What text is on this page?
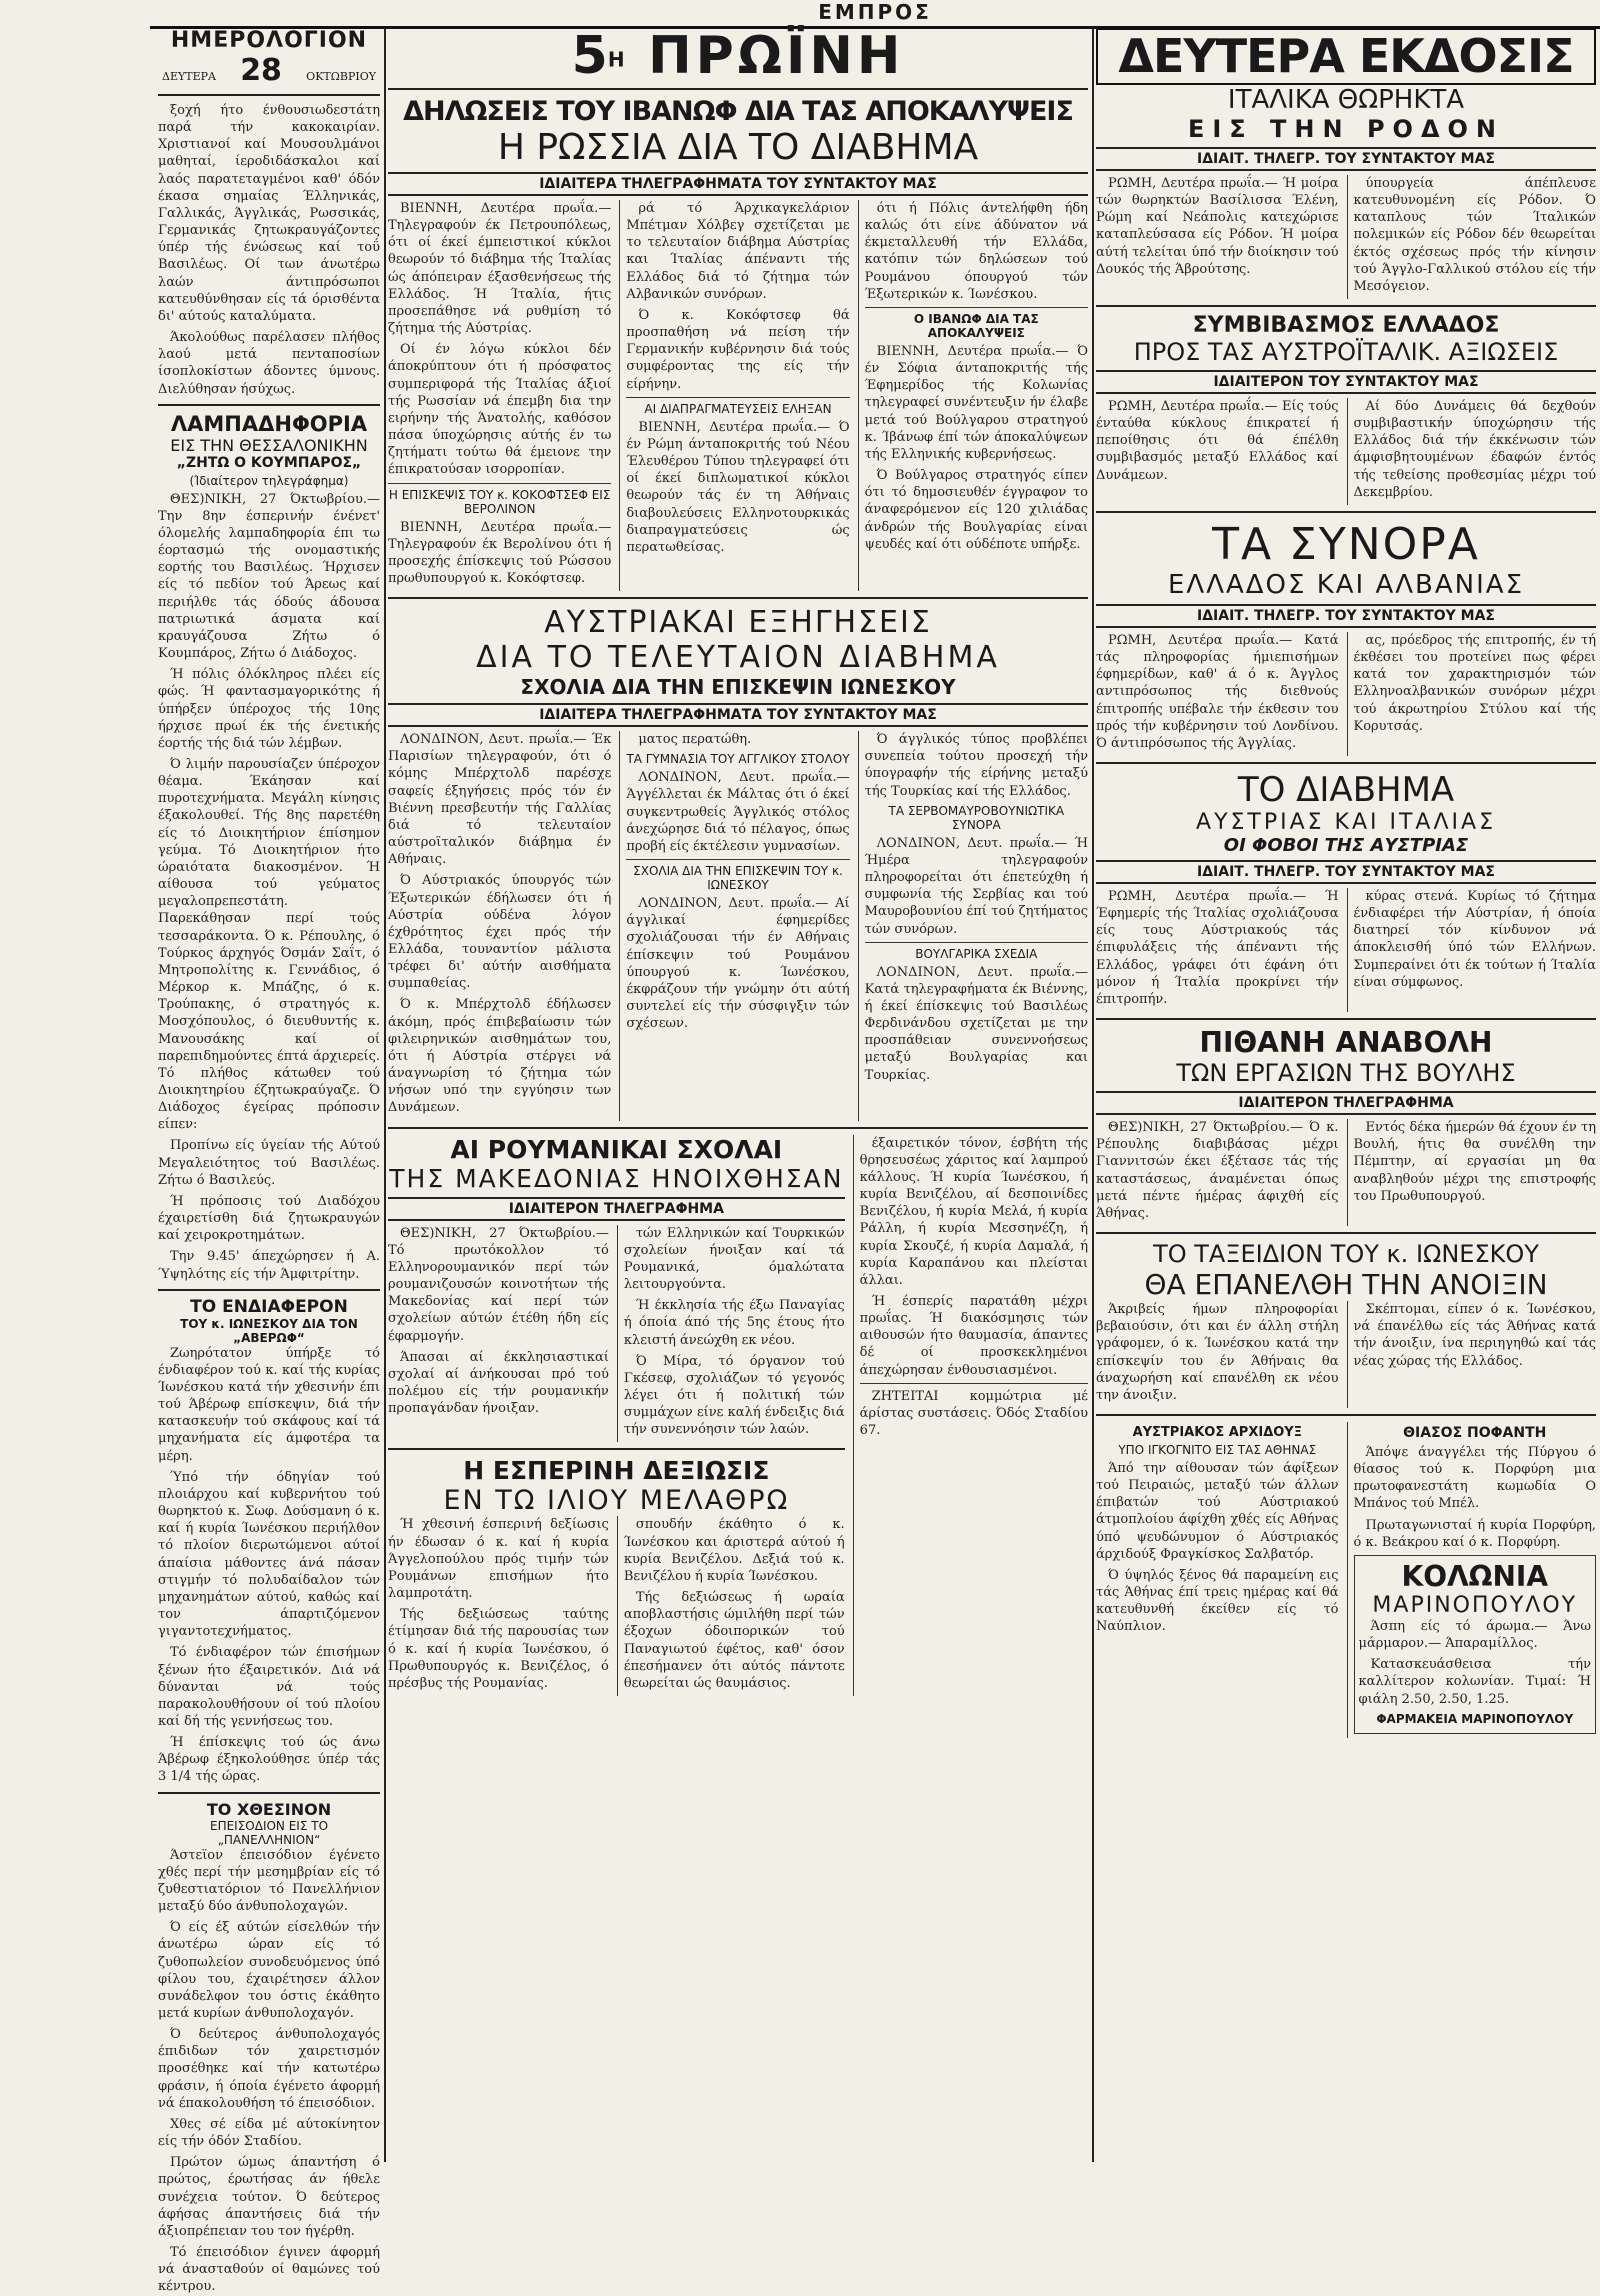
ΕΜΠΡΟΣ
ΗΜΕΡΟΛΟΓΙΟΝ
ΔΕΥΤΕΡΑ 28 ΟΚΤΩΒΡΙΟΥ

ξοχή ήτο ένθουσιωδεστάτη παρά τήν κακοκαιρίαν. Χριστιανοί καί Μουσουλμάνοι μαθηταί, ίεροδιδάσκαλοι καί λαός παρατεταγμένοι καθ' όδόν έκασα σημαίας Έλληνικάς, Γαλλικάς, Άγγλικάς, Ρωσσικάς, Γερμανικάς ζητωκραυγάζοντες ύπέρ τής ένώσεως καί τοΰ Βασιλέως. Οί των άνωτέρω λαών άντιπρόσωποι κατευθύνθησαν είς τά όρισθέντα δι' αύτούς καταλύματα.

Άκολούθως παρέλασεν πλήθος λαού μετά πενταποσίων ίσοπλοκίστων άδοντες ύμνους. Διελύθησαν ήσύχως.

ΛΑΜΠΑΔΗΦΟΡΙΑ
ΕΙΣ ΤΗΝ ΘΕΣΣΑΛΟΝΙΚΗΝ
„ΖΗΤΩ Ο ΚΟΥΜΠΑΡΟΣ„
(Ίδιαίτερον τηλεγράφημα)

ΘΕΣ)ΝΙΚΗ, 27 Όκτωβρίου.— Την 8ην έσπερινήν ένένετ' όλομελής λαμπαδηφορία έπι τω έορτασμώ τής ονομαστικής εορτής του Βασιλέως. Ήρχισεν είς τό πεδίον τού Άρεως καί περιήλθε τάς όδούς άδουσα πατριωτικά άσματα καί κραυγάζουσα Ζήτω ό Κουμπάρος, Ζήτω ό Διάδοχος.

Ή πόλις όλόκληρος πλέει είς φώς. Ή φαντασμαγορικότης ή ύπήρξεν ύπέροχος τής 10ης ήρχισε πρωί έκ τής ένετικής έορτής τής διά τών λέμβων.

Ό λιμήν παρουσίαζεν ύπέροχον θέαμα. Έκάησαν καί πυροτεχνήματα. Μεγάλη κίνησις έξακολουθεί. Τής 8ης παρετέθη είς τό Διοικητήριον έπίσημον γεύμα. Τό Διοικητήριον ήτο ώραιότατα διακοσμένον. Ή αίθουσα τού γεύματος μεγαλοπρεπεστάτη. Παρεκάθησαν περί τούς τεσσαράκοντα. Ό κ. Ρέπουλης, ό Τούρκος άρχηγός Όσμάν Σαΐτ, ό Μητροπολίτης κ. Γεννάδιος, ό Μέρκορ κ. Μπάζης, ό κ. Τρούπακης, ό στρατηγός κ. Μοσχόπουλος, ό διευθυντής κ. Μανουσάκης καί οί παρεπιδημούντες έπτά άρχιερείς. Τό πλήθος κάτωθεν τού Διοικητηρίου έζητωκραύγαζε. Ό Διάδοχος έγείρας πρόποσιν είπεν:

Προπίνω είς ύγείαν τής Αύτού Μεγαλειότητος τού Βασιλέως. Ζήτω ό Βασιλεύς.

Ή πρόποσις τού Διαδόχου έχαιρετίσθη διά ζητωκραυγών καί χειροκροτημάτων.

Την 9.45' άπεχώρησεν ή Α. Ύψηλότης είς τήν Άμφιτρίτην.

ΤΟ ΕΝΔΙΑΦΕΡΟΝ
ΤΟΥ κ. ΙΩΝΕΣΚΟΥ ΔΙΑ ΤΟΝ „ΑΒΕΡΩΦ“

Ζωηρότατον ύπήρξε τό ένδιαφέρον τού κ. καί τής κυρίας Ίωνέσκου κατά τήν χθεσινήν έπι τού Άβέρωφ επίσκεψιν, διά τήν κατασκευήν τού σκάφους καί τά μηχανήματα είς άμφοτέρα τα μέρη.

Ύπό τήν όδηγίαν τού πλοιάρχου καί κυβερνήτου τού θωρηκτού κ. Σωφ. Δούσμανη ό κ. καί ή κυρία Ίωνέσκου περιήλθον τό πλοίον διερωτώμενοι αύτοί άπαίσια μάθοντες άνά πάσαν στιγμήν τό πολυδαίδαλον τών μηχανημάτων αύτού, καθώς καί τον άπαρτιζόμενον γιγαντοτεχνήματος.

Τό ένδιαφέρον τών έπισήμων ξένων ήτο έξαιρετικόν. Διά νά δύνανται νά τούς παρακολουθήσουν οί τού πλοίου καί δή τής γεννήσεως του.

Ή έπίσκεψις τού ώς άνω Άβέρωφ έξηκολούθησε ύπέρ τάς 3 1/4 τής ώρας.

ΤΟ ΧΘΕΣΙΝΟΝ
ΕΠΕΙΣΟΔΙΟΝ ΕΙΣ ΤΟ „ΠΑΝΕΛΛΗΝΙΟΝ“

Άστεϊον έπεισόδιον έγένετο χθές περί τήν μεσημβρίαν είς τό ζυθεστιατόριον τό Πανελλήνιον μεταξύ δύο άνθυπολοχαγών.

Ό είς έξ αύτών είσελθών τήν άνωτέρω ώραν είς τό ζυθοπωλείον συνοδευόμενος ύπό φίλου του, έχαιρέτησεν άλλον συνάδελφον του όστις έκάθητο μετά κυρίων άνθυπολοχαγόν.

Ό δεύτερος άνθυπολοχαγός έπιδιδων τόν χαιρετισμόν προσέθηκε καί τήν κατωτέρω φράσιν, ή όποία έγένετο άφορμή νά έπακολουθήση τό έπεισόδιον.

Χθες σέ είδα μέ αύτοκίνητον είς τήν όδόν Σταδίου.

Πρώτον ώμως άπαντήση ό πρώτος, έρωτήσας άν ήθελε συνέχεια τούτον. Ό δεύτερος άφήσας άπαντήσεις διά τήν άξιοπρέπειαν του τον ήγέρθη.

Τό έπεισόδιον έγινεν άφορμή νά άνασταθούν οί θαμώνες τού κέντρου.

$5^H$ ΠΡΩΪΝΗ
ΔΗΛΩΣΕΙΣ ΤΟΥ ΙΒΑΝΩΦ ΔΙΑ ΤΑΣ ΑΠΟΚΑΛΥΨΕΙΣ
Η ΡΩΣΣΙΑ ΔΙΑ ΤΟ ΔΙΑΒΗΜΑ
ΙΔΙΑΙΤΕΡΑ ΤΗΛΕΓΡΑΦΗΜΑΤΑ ΤΟΥ ΣΥΝΤΑΚΤΟΥ ΜΑΣ

ΒΙΕΝΝΗ, Δευτέρα πρωΐα.— Τηλεγραφούν έκ Πετρουπόλεως, ότι οί έκεί έμπειστικοί κύκλοι θεωρούν τό διάβημα τής Ίταλίας ώς άπόπειραν έξασθενήσεως τής Ελλάδος. Ή Ίταλία, ήτις προσεπάθησε νά ρυθμίση τό ζήτημα τής Αύστρίας.

Οί έν λόγω κύκλοι δέν άποκρύπτουν ότι ή πρόσφατος συμπεριφορά τής Ίταλίας άξιοί τής Ρωσσίαν νά έπεμβη δια την ειρήνην τής Άνατολής, καθόσον πάσα ύποχώρησις αύτής έν τω ζητήματι τούτω θά έμειονε την έπικρατούσαν ισορροπίαν.

Η ΕΠΙΣΚΕΨΙΣ ΤΟΥ κ. ΚΟΚΟΦΤΣΕΦ ΕΙΣ ΒΕΡΟΛΙΝΟΝ

ΒΙΕΝΝΗ, Δευτέρα πρωΐα.— Τηλεγραφούν έκ Βερολίνου ότι ή προσεχής έπίσκεψις τού Ρώσσου πρωθυπουργού κ. Κοκόφτσεφ.

ρά τό Άρχικαγκελάριον Μπέτμαν Χόλβεγ σχετίζεται με το τελευταίον διάβημα Αύστρίας και Ίταλίας άπέναντι τής Ελλάδος διά τό ζήτημα τών Αλβανικών συνόρων.

Ό κ. Κοκόφτσεφ θά προσπαθήση νά πείση τήν Γερμανικήν κυβέρνησιν διά τούς συμφέροντας της είς τήν είρήνην.

ΑΙ ΔΙΑΠΡΑΓΜΑΤΕΥΣΕΙΣ ΕΛΗΞΑΝ

ΒΙΕΝΝΗ, Δευτέρα πρωΐα.— Ό έν Ρώμη άνταποκριτής τού Νέου Έλευθέρου Τύπου τηλεγραφεί ότι οί έκεί διπλωματικοί κύκλοι θεωρούν τάς έν τη Άθήναις διαβουλεύσεις Ελληνοτουρκικάς διαπραγματεύσεις ώς περατωθείσας.

ότι ή Πόλις άντελήφθη ήδη καλώς ότι είνε άδύνατον νά έκμεταλλευθή τήν Ελλάδα, κατόπιν τών δηλώσεων τού Ρουμάνου όπουργού τών Έξωτερικών κ. Ίωνέσκου.

Ο ΙΒΑΝΩΦ ΔΙΑ ΤΑΣ ΑΠΟΚΑΛΥΨΕΙΣ

ΒΙΕΝΝΗ, Δευτέρα πρωΐα.— Ό έν Σόφια άνταποκριτής τής Έφημερίδος τής Κολωνίας τηλεγραφεί συνέντευξιν ήν έλαβε μετά τού Βούλγαρου στρατηγού κ. Ίβάνωφ έπί τών άποκαλύψεων τής Ελληνικής κυβερνήσεως.

Ό Βούλγαρος στρατηγός είπεν ότι τό δημοσιευθέν έγγραφον το άναφερόμενον είς 120 χιλιάδας άνδρών τής Βουλγαρίας είναι ψευδές καί ότι ούδέποτε υπήρξε.

ΑΥΣΤΡΙΑΚΑΙ ΕΞΗΓΗΣΕΙΣ
ΔΙΑ ΤΟ ΤΕΛΕΥΤΑΙΟΝ ΔΙΑΒΗΜΑ
ΣΧΟΛΙΑ ΔΙΑ ΤΗΝ ΕΠΙΣΚΕΨΙΝ ΙΩΝΕΣΚΟΥ
ΙΔΙΑΙΤΕΡΑ ΤΗΛΕΓΡΑΦΗΜΑΤΑ ΤΟΥ ΣΥΝΤΑΚΤΟΥ ΜΑΣ

ΛΟΝΔΙΝΟΝ, Δευτ. πρωΐα.— Έκ Παρισίων τηλεγραφούν, ότι ό κόμης Μπέρχτολδ παρέσχε σαφείς έξηγήσεις πρός τόν έν Βιέννη πρεσβευτήν τής Γαλλίας διά τό τελευταίον αύστροϊταλικόν διάβημα έν Αθήναις.

Ό Αύστριακός ύπουργός τών Έξωτερικών έδήλωσεν ότι ή Αύστρία ούδένα λόγον έχθρότητος έχει πρός τήν Ελλάδα, τουναντίον μάλιστα τρέφει δι' αύτήν αισθήματα συμπαθείας.

Ό κ. Μπέρχτολδ έδήλωσεν άκόμη, πρός έπιβεβαίωσιν τών φιλειρηνικών αισθημάτων του, ότι ή Αύστρία στέργει νά άναγνωρίση τό ζήτημα τών νήσων υπό την εγγύησιν των Δυνάμεων.

ματος περατώθη.

ΤΑ ΓΥΜΝΑΣΙΑ ΤΟΥ ΑΓΓΛΙΚΟΥ ΣΤΟΛΟΥ

ΛΟΝΔΙΝΟΝ, Δευτ. πρωΐα.— Άγγέλλεται έκ Μάλτας ότι ό έκεί συγκεντρωθείς Άγγλικός στόλος άνεχώρησε διά τό πέλαγος, όπως προβή είς έκτέλεσιν γυμνασίων.

ΣΧΟΛΙΑ ΔΙΑ ΤΗΝ ΕΠΙΣΚΕΨΙΝ ΤΟΥ κ. ΙΩΝΕΣΚΟΥ

ΛΟΝΔΙΝΟΝ, Δευτ. πρωΐα.— Αί άγγλικαί έφημερίδες σχολιάζουσαι τήν έν Αθήναις έπίσκεψιν τού Ρουμάνου ύπουργού κ. Ίωνέσκου, έκφράζουν τήν γνώμην ότι αύτή συντελεί είς τήν σύσφιγξιν τών σχέσεων.

Ό άγγλικός τύπος προβλέπει συνεπεία τούτου προσεχή τήν ύπογραφήν τής είρήνης μεταξύ τής Τουρκίας καί τής Ελλάδος.

ΤΑ ΣΕΡΒΟΜΑΥΡΟΒΟΥΝΙΩΤΙΚΑ ΣΥΝΟΡΑ

ΛΟΝΔΙΝΟΝ, Δευτ. πρωΐα.— Ή Ήμέρα τηλεγραφούν πληροφορείται ότι έπετεύχθη ή συμφωνία τής Σερβίας και τού Μαυροβουνίου έπί τού ζητήματος τών συνόρων.

ΒΟΥΛΓΑΡΙΚΑ ΣΧΕΔΙΑ

ΛΟΝΔΙΝΟΝ, Δευτ. πρωΐα.— Κατά τηλεγραφήματα έκ Βιέννης, ή έκεί έπίσκεψις τού Βασιλέως Φερδινάνδου σχετίζεται με την προσπάθειαν συνεννοήσεως μεταξύ Βουλγαρίας και Τουρκίας.

ΑΙ ΡΟΥΜΑΝΙΚΑΙ ΣΧΟΛΑΙ
ΤΗΣ ΜΑΚΕΔΟΝΙΑΣ ΗΝΟΙΧΘΗΣΑΝ
ΙΔΙΑΙΤΕΡΟΝ ΤΗΛΕΓΡΑΦΗΜΑ

ΘΕΣ)ΝΙΚΗ, 27 Όκτωβρίου.— Τό πρωτόκολλον τό Ελληνορουμανικόν περί τών ρουμανιζουσών κοινοτήτων τής Μακεδονίας καί περί τών σχολείων αύτών έτέθη ήδη είς έφαρμογήν.

Άπασαι αί έκκλησιαστικαί σχολαί αί άνήκουσαι πρό τού πολέμου είς τήν ρουμανικήν προπαγάνδαν ήνοιξαν.

τών Ελληνικών καί Τουρκικών σχολείων ήνοιξαν καί τά Ρουμανικά, όμαλώτατα λειτουργούντα.

Ή έκκλησία τής έξω Παναγίας ή όποία άπό τής 5ης έτους ήτο κλειστή άνεώχθη εκ νέου.

Ό Μίρα, τό όργανον τού Γκέσεφ, σχολιάζων τό γεγονός λέγει ότι ή πολιτική τών συμμάχων είνε καλή ένδειξις διά τήν συνεννόησιν τών λαών.

Η ΕΣΠΕΡΙΝΗ ΔΕΞΙΩΣΙΣ
ΕΝ ΤΩ ΙΛΙΟΥ ΜΕΛΑΘΡΩ

Ή χθεσινή έσπερινή δεξίωσις ήν έδωσαν ό κ. καί ή κυρία Άγγελοπούλου πρός τιμήν τών Ρουμάνων επισήμων ήτο λαμπροτάτη.

Τής δεξιώσεως ταύτης έτίμησαν διά τής παρουσίας των ό κ. καί ή κυρία Ίωνέσκου, ό Πρωθυπουργός κ. Βενιζέλος, ό πρέσβυς τής Ρουμανίας.

σπουδήν έκάθητο ό κ. Ίωνέσκου και άριστερά αύτού ή κυρία Βενιζέλου. Δεξιά τού κ. Βενιζέλου ή κυρία Ίωνέσκου.

Τής δεξιώσεως ή ωραία αποβλαστήσις ώμιλήθη περί τών έξοχων όδοιπορικών τού Παναγιωτού έφέτος, καθ' όσον έπεσήμανεν ότι αύτός πάντοτε θεωρείται ώς θαυμάσιος.

έξαιρετικόν τόνον, έσβήτη τής θρησευσέως χάριτος καί λαμπρού κάλλους. Ή κυρία Ίωνέσκου, ή κυρία Βενιζέλου, αί δεσποινίδες Βενιζέλου, ή κυρία Μελά, ή κυρία Ράλλη, ή κυρία Μεσσηνέζη, ή κυρία Σκουζέ, ή κυρία Δαμαλά, ή κυρία Καραπάνου και πλείσται άλλαι.

Ή έσπερίς παρατάθη μέχρι πρωΐας. Ή διακόσμησις τών αιθουσών ήτο θαυμασία, άπαντες δέ οί προσκεκλημένοι άπεχώρησαν ένθουσιασμένοι.

ΖΗΤΕΙΤΑΙ κομμώτρια μέ άρίστας συστάσεις. Όδός Σταδίου 67.

ΔΕΥΤΕΡΑ ΕΚΔΟΣΙΣ
ΙΤΑΛΙΚΑ ΘΩΡΗΚΤΑ
ΕΙΣ ΤΗΝ ΡΟΔΟΝ
ΙΔΙΑΙΤ. ΤΗΛΕΓΡ. ΤΟΥ ΣΥΝΤΑΚΤΟΥ ΜΑΣ

ΡΩΜΗ, Δευτέρα πρωΐα.— Ή μοίρα τών θωρηκτών Βασίλισσα Έλένη, Ρώμη καί Νεάπολις κατεχώρισε καταπλεύσασα είς Ρόδον. Ή μοίρα αύτή τελείται ύπό τήν διοίκησιν τού Δουκός τής Άβρούτσης.

ύπουργεία άπέπλευσε κατευθυνομένη είς Ρόδον. Ό καταπλους τών Ίταλικών πολεμικών είς Ρόδον δέν θεωρείται έκτός σχέσεως πρός τήν κίνησιν τού Άγγλο-Γαλλικού στόλου είς τήν Μεσόγειον.

ΣΥΜΒΙΒΑΣΜΟΣ ΕΛΛΑΔΟΣ
ΠΡΟΣ ΤΑΣ ΑΥΣΤΡΟΪΤΑΛΙΚ. ΑΞΙΩΣΕΙΣ
ΙΔΙΑΙΤΕΡΟΝ ΤΟΥ ΣΥΝΤΑΚΤΟΥ ΜΑΣ

ΡΩΜΗ, Δευτέρα πρωΐα.— Είς τούς ένταύθα κύκλους έπικρατεί ή πεποίθησις ότι θά έπέλθη συμβιβασμός μεταξύ Ελλάδος καί Δυνάμεων.

Αί δύο Δυνάμεις θά δεχθούν συμβιβαστικήν ύποχώρησιν τής Ελλάδος διά τήν έκκένωσιν τών άμφισβητουμένων έδαφών έντός τής τεθείσης προθεσμίας μέχρι τού Δεκεμβρίου.

ΤΑ ΣΥΝΟΡΑ
ΕΛΛΑΔΟΣ ΚΑΙ ΑΛΒΑΝΙΑΣ
ΙΔΙΑΙΤ. ΤΗΛΕΓΡ. ΤΟΥ ΣΥΝΤΑΚΤΟΥ ΜΑΣ

ΡΩΜΗ, Δευτέρα πρωΐα.— Κατά τάς πληροφορίας ήμιεπισήμων έφημερίδων, καθ' ά ό κ. Άγγλος αντιπρόσωπος τής διεθνούς έπιτροπής υπέβαλε τήν έκθεσιν του πρός τήν κυβέρνησιν τού Λονδίνου. Ό άντιπρόσωπος τής Άγγλίας.

ας, πρόεδρος τής επιτροπής, έν τή έκθέσει του προτείνει πως φέρει κατά τον χαρακτηρισμόν τών Ελληνοαλβανικών συνόρων μέχρι τού άκρωτηρίου Στύλου καί τής Κορυτσάς.

ΤΟ ΔΙΑΒΗΜΑ
ΑΥΣΤΡΙΑΣ ΚΑΙ ΙΤΑΛΙΑΣ
ΟΙ ΦΟΒΟΙ ΤΗΣ ΑΥΣΤΡΙΑΣ
ΙΔΙΑΙΤ. ΤΗΛΕΓΡ. ΤΟΥ ΣΥΝΤΑΚΤΟΥ ΜΑΣ

ΡΩΜΗ, Δευτέρα πρωΐα.— Ή Έφημερίς τής Ίταλίας σχολιάζουσα είς τους Αύστριακούς τάς έπιφυλάξεις τής άπέναντι τής Ελλάδος, γράφει ότι έφάνη ότι μόνον ή Ίταλία προκρίνει τήν έπιτροπήν.

κύρας στενά. Κυρίως τό ζήτημα ένδιαφέρει τήν Αύστρίαν, ή όποία διατηρεί τόν κίνδυνον νά άποκλεισθή ύπό τών Ελλήνων. Συμπεραίνει ότι έκ τούτων ή Ίταλία είναι σύμφωνος.

ΠΙΘΑΝΗ ΑΝΑΒΟΛΗ
ΤΩΝ ΕΡΓΑΣΙΩΝ ΤΗΣ ΒΟΥΛΗΣ
ΙΔΙΑΙΤΕΡΟΝ ΤΗΛΕΓΡΑΦΗΜΑ

ΘΕΣ)ΝΙΚΗ, 27 Όκτωβρίου.— Ό κ. Ρέπουλης διαβιβάσας μέχρι Γιαννιτσών έκει έξέτασε τάς τής καταστάσεως, άναμένεται όπως μετά πέντε ήμέρας άφιχθή είς Άθήνας.

Εντός δέκα ήμερών θά έχουν έν τη Βουλή, ήτις θα συνέλθη την Πέμπτην, αί εργασίαι μη θα αναβληθούν μέχρι της επιστροφής του Πρωθυπουργού.

ΤΟ ΤΑΞΕΙΔΙΟΝ ΤΟΥ κ. ΙΩΝΕΣΚΟΥ
ΘΑ ΕΠΑΝΕΛΘΗ ΤΗΝ ΑΝΟΙΞΙΝ

Άκριβείς ήμων πληροφορίαι βεβαιούσιν, ότι και έν άλλη στήλη γράφομεν, ό κ. Ίωνέσκου κατά την επίσκεψίν του έν Άθήναις θα άναχωρήση καί επανέλθη εκ νέου την άνοιξιν.

Σκέπτομαι, είπεν ό κ. Ίωνέσκου, νά έπανέλθω είς τάς Άθήνας κατά τήν άνοιξιν, ίνα περιηγηθώ καί τάς νέας χώρας τής Ελλάδος.

ΑΥΣΤΡΙΑΚΟΣ ΑΡΧΙΔΟΥΞ
ΥΠΟ ΙΓΚΟΓΝΙΤΟ ΕΙΣ ΤΑΣ ΑΘΗΝΑΣ

Άπό την αίθουσαν τών άφίξεων τού Πειραιώς, μεταξύ τών άλλων έπιβατών τού Αύστριακού άτμοπλοίου άφίχθη χθές είς Αθήνας ύπό ψευδώνυμον ό Αύστριακός άρχιδούξ Φραγκίσκος Σαλβατόρ.

Ό ύψηλός ξένος θά παραμείνη εις τάς Άθήνας έπί τρεις ημέρας καί θά κατευθυνθή έκείθεν είς τό Ναύπλιον.

ΘΙΑΣΟΣ ΠΟΦΑΝΤΗ

Άπόψε άναγγέλει τής Πύργου ό θίασος τού κ. Πορφύρη μια πρωτοφανεστάτη κωμωδία Ο Μπάνος τού Μπέλ.

Πρωταγωνισταί ή κυρία Πορφύρη, ό κ. Βεάκρου καί ό κ. Πορφύρη.

ΚΟΛΩΝΙΑ
ΜΑΡΙΝΟΠΟΥΛΟΥ

Άσπη είς τό άρωμα.— Άνω μάρμαρον.— Άπαραμίλλος.

Κατασκευάσθεισα τήν καλλίτερον κολωνίαν. Τιμαί: Ή φιάλη 2.50, 2.50, 1.25.

ΦΑΡΜΑΚΕΙΑ ΜΑΡΙΝΟΠΟΥΛΟΥ
